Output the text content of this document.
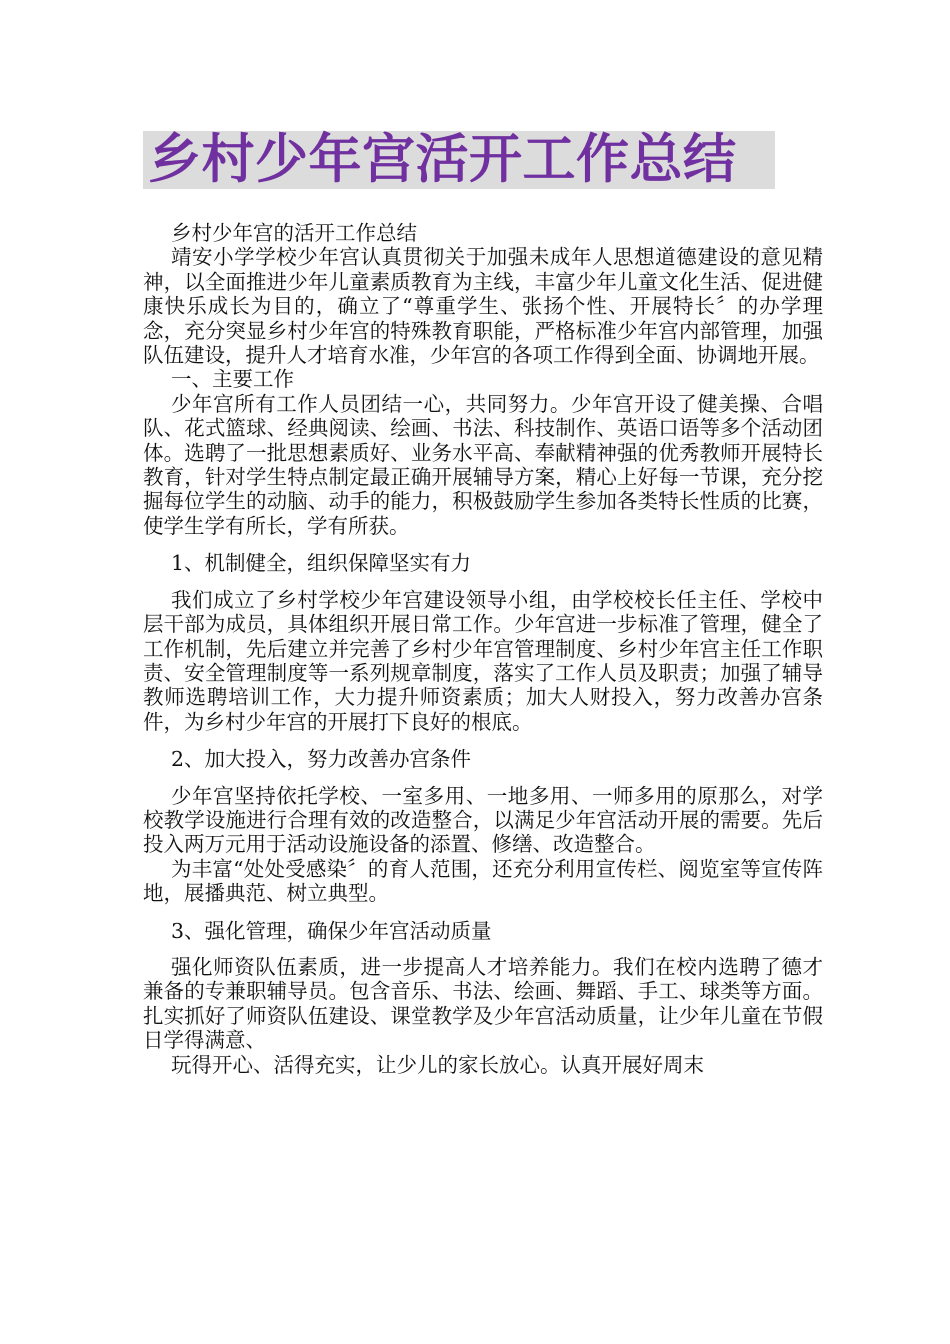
乡村少年宫活开工作总结

乡村少年宫的活开工作总结

靖安小学学校少年宫认真贯彻关于加强未成年人思想道德建设的意见精神，以全面推进少年儿童素质教育为主线，丰富少年儿童文化生活、促进健康快乐成长为目的，确立了“尊重学生、张扬个性、开展特长〞的办学理念，充分突显乡村少年宫的特殊教育职能，严格标准少年宫内部管理，加强队伍建设，提升人才培育水准，少年宫的各项工作得到全面、协调地开展。

一、主要工作

少年宫所有工作人员团结一心，共同努力。少年宫开设了健美操、合唱队、花式篮球、经典阅读、绘画、书法、科技制作、英语口语等多个活动团体。选聘了一批思想素质好、业务水平高、奉献精神强的优秀教师开展特长教育，针对学生特点制定最正确开展辅导方案，精心上好每一节课，充分挖掘每位学生的动脑、动手的能力，积极鼓励学生参加各类特长性质的比赛，使学生学有所长，学有所获。

1、机制健全，组织保障坚实有力

我们成立了乡村学校少年宫建设领导小组，由学校校长任主任、学校中层干部为成员，具体组织开展日常工作。少年宫进一步标准了管理，健全了工作机制，先后建立并完善了乡村少年宫管理制度、乡村少年宫主任工作职责、安全管理制度等一系列规章制度，落实了工作人员及职责；加强了辅导教师选聘培训工作，大力提升师资素质；加大人财投入，努力改善办宫条件，为乡村少年宫的开展打下良好的根底。

2、加大投入，努力改善办宫条件

少年宫坚持依托学校、一室多用、一地多用、一师多用的原那么，对学校教学设施进行合理有效的改造整合，以满足少年宫活动开展的需要。先后投入两万元用于活动设施设备的添置、修缮、改造整合。

为丰富“处处受感染〞的育人范围，还充分利用宣传栏、阅览室等宣传阵地，展播典范、树立典型。

3、强化管理，确保少年宫活动质量

强化师资队伍素质，进一步提高人才培养能力。我们在校内选聘了德才兼备的专兼职辅导员。包含音乐、书法、绘画、舞蹈、手工、球类等方面。扎实抓好了师资队伍建设、课堂教学及少年宫活动质量，让少年儿童在节假日学得满意、

玩得开心、活得充实，让少儿的家长放心。认真开展好周末
